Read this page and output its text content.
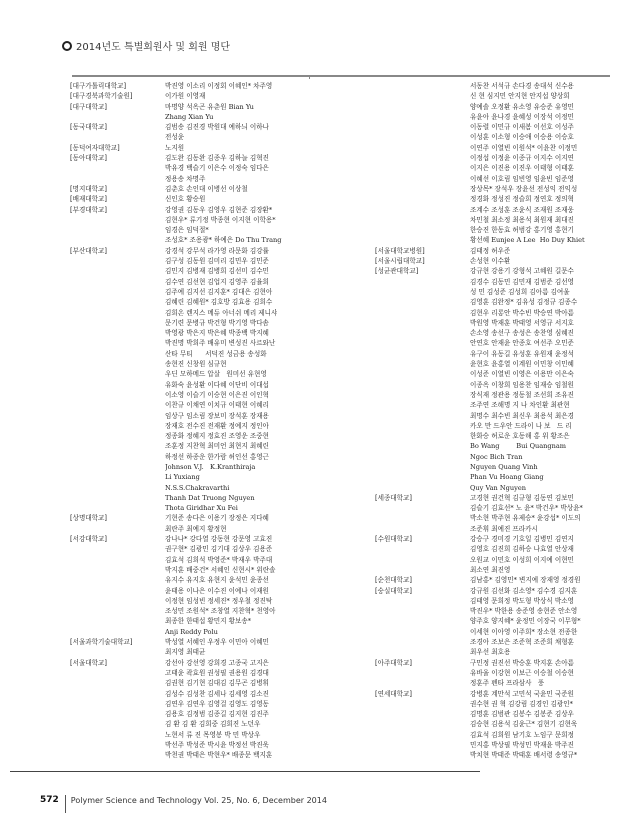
2014년도 특별회원사 및 회원 명단
[대구가톨릭대학교]	박진영 이소리 이정회 이혜인* 차주영
[대구경북과학기술원]	이가원 이영재
[대구대학교]	마명양 석옥곤 유춘원 Bian Yu
Zhang Xian Yu
[동국대학교]	김범송 김진경 박원대 예하늬 이하나
전성윤
[동덕여자대학교]	노지원
[동아대학교]	김도완 김동완 김종우 김하늘 김혁진
박유경 백슬기 이은수 이정숙 임다은
정용송 차명주
[명지대학교]	김춘호 손인대 이병선 이상철
[배재대학교]	신인호 황승원
[부경대학교]	강영권 김동우 김영우 김현준 김장환*
김현우* 류기정 박종현 이지현 이학용*
임경은 임덕절*
조성호* 조용광* 하예은 Do Thu Trang
[부산대학교]	강경석 강무석 라가영 라문화 김강률
김구성 김동원 김미리 김민우 김민준
김민지 김병재 김병희 김선미 김수민
김수연 김선현 김업지 김영주 김율희
김주예 김지선 김지훈* 김대은 김현아
김혜린 김혜원* 김호방 김효용 김희수
김희온 렌지스 메듀 아너쉬 메리 제니샤
문기련 문병규 박건형 박기영 박다솜
박영광 박은지 박은혜 박종백 박지혜
박진명 박희주 배유미 변성진 사르와난
산타 무티      서덕진 성금용 송성화
송현진 신창원 심규현
우딘 모하메드 압살   원미선 유현영
유화숙 윤성환 이다혜 이단비 이대섭
이소영 이슬기 이승현 이은진 이인혁
이찬규 이채연 이치규 이태현 이혜리
임상구 임소림 장보미 장석훈 장재용
장재호 전수진 전재환 정예지 정인아
정종화 정혜지 정효진 조영운 조중현
조훈정 지찬혁 최미언 최현지 최혜린
하정선 하종운 한가람 허인선 홍영근
Johnson V.J.   K.Kranthiraja
Li Yuxiang
N.S.S.Chakravarthi
Thanh Dat Truong Nguyen
Thota Giridhar Xu Fei
[상명대학교]	기현준 송다은 이용기 장정은 지다혜
최란주 최예지 황정현
[서강대학교]	강나나* 강다열 강동현 강문영 고효진
권구현* 김광민 김기대 김상우 김용준
김효석 김희석 박영준* 박재우 박주대
박지훈 배중건* 서혜인 신현시* 위란솔
유지수 유지호 유현지 윤석민 윤종선
윤태용 이나은 이수진 이예나 이재원
이정현 임성빈 정세진* 정우철 정진탁
조성민 조원석* 조창열 지찬혁* 천영아
최종한 한태섭 황민지 황보송*
Anji Reddy Polu
[서울과학기술대학교]	박성열 서혜인 우정우 이민아 이혜민
최지영 최태균
[서울대학교]	강선아 강선영 강희경 고종국 고지은
고태윤 곽효원 권성필 권용원 김경대
김권현 김기현 김대김 김무곤 김병휘
김성수 김성찬 김세나 김세영 김소진
김연우 김연우 김영걸 김영도 김영동
김용호 김정범 김종길 김지현 김진주
김 환 김 환 김희중 김희진 노던우
노현서 류 진 목영봉 박 민 박상우
박선주 박성준 박시윤 박정선 박진욱
박천권 박태은 박현우* 배종문 백지훈
서동찬 서석규 손다경 송대석 신수용
신 현 심지민 안지현 안지섭 양상희
양예솔 오정환 유소영 유승준 유영민
유윤아 윤나경 윤혜성 이장석 이정민
이동렬 이민규 이새봄 이선호 이성주
이성훈 이소형 이승애 이승용 이승호
이연주 이열빈 이원석* 이윤찬 이정민
이정섭 이정윤 이종규 이지수 이지연
이지은 이진용 이진우 이태형 이태훈
이혜선 이호림 임빈영 임윤빈 임준영
장상목* 장석우 장윤선 전성익 전익성
정경화 정성진 정슬희 정연호 정의혁
조계수 조성훈 조윤식 조재원 조재웅
차민철 최소정 최용석 최원재 최대진
한승진 한동효 허범강 홍기영 홍현기
황선혜 Eunjee A Lee  Ho Duy Khiet
[서울대학교병원]	김태정 허우준
[서울시립대학교]	손성현 이수환
[성균관대학교]	강규현 강용기 강형석 고혜원 길문수
김경수 김동민 김민재 김범준 김선영
성 민 김성준 김성희 김아름 김여울
김영훈 김완정* 김유성 김정규 김종수
김현우 리롱안 박수빈 박승연 박아름
박원영 박재훈 박태영 서영규 서지호
손소영 송선구 송성은 송찬영 심혜진
안연호 안재윤 안종호 여선주 오민준
유구이 유동길 유성훈 유원재 윤정석
윤현호 윤홍열 이계원 이민창 이민혜
이성준 이열빈 이영은 이용만 이은숙
이종옥 이창희 임용찬 임재승 임철원
장식재 정관용 정동철 조선희 조유진
조주연 조해명 지 나 차인환 최관현
최명수 최수빈 최신우 최용석 최은경
카오 만 드우안 드라이 나 보   드 리
한화승 허로운 호동해 홍 위 황조은
Bo Wang        Bui Quangnam
Ngoc Bich Tran
Nguyen Quang Vinh
Phan Vu Hoang Giang
Quy Van Nguyen
[세종대학교]	고경현 권건혁 김규형 김동연 김보민
김슬기 김효선* 노 윤* 박건우* 박상윤*
박소현 박주현 유제승* 윤강섭* 이도의
조준휘 최예진 프라카시
[수원대학교]	강승구 경미경 기호일 김병민 김연지
김영호 김진희 김하승 나효열 안상재
오원교 이민호 이성희 이지예 이현민
최소연 최진영
[순천대학교]	김남홍* 김영민* 변지예 장재영 정경원
[숭실대학교]	강규원 김선화 김소영* 김수경 김지훈
김태영 문희정 박도형 박상식 박소영
박진우* 박한용 송준영 송현준 안소영
양주호 양지혜* 윤정민 이장국 이무형*
이세현 이아영 이주희* 장소현 전종한
조경아 조보은 조준혁 조준희 채형훈
최우선 최호용
[아주대학교]	구민정 권진선 박승훈 박지훈 손아름
유바울 이강현 이보근 이승철 이승현
정훈주 펜타 프라삼사   풍
[연세대학교]	강병훈 계만석 고민석 국윤민 국준원
권수현 권 혁 김강림 김경인 김광인*
김명훈 김범관 김봉수 김봉준 김상우
김승현 김용석 김윤근* 김현기 김현욱
김효석 김희원 남기호 노임구 문희정
민지홍 박상필 박성민 박재윤 박주진
박치현 박태준 박태훈 배서령 송영규*
572 Polymer Science and Technology Vol. 25, No. 6, December 2014
